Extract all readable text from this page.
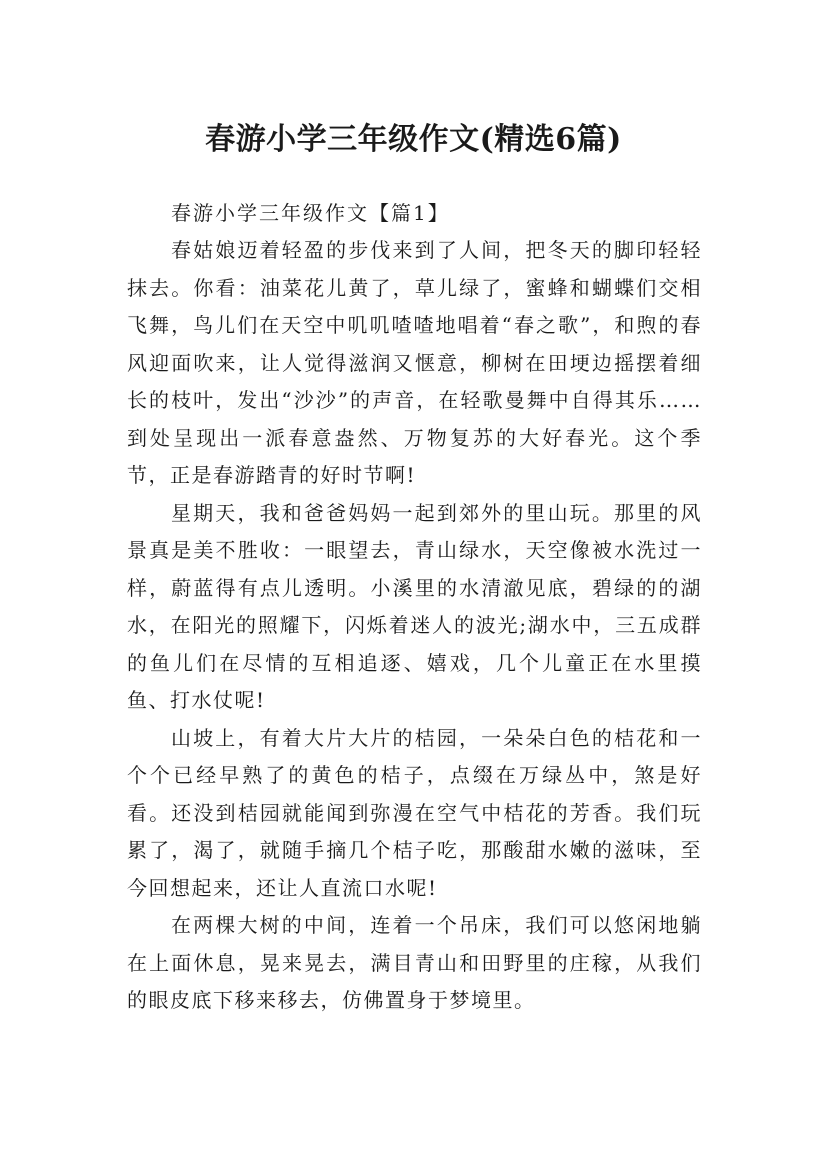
春游小学三年级作文(精选6篇)

春游小学三年级作文【篇1】

春姑娘迈着轻盈的步伐来到了人间，把冬天的脚印轻轻抹去。你看：油菜花儿黄了，草儿绿了，蜜蜂和蝴蝶们交相飞舞，鸟儿们在天空中叽叽喳喳地唱着“春之歌”，和煦的春风迎面吹来，让人觉得滋润又惬意，柳树在田埂边摇摆着细长的枝叶，发出“沙沙”的声音，在轻歌曼舞中自得其乐……到处呈现出一派春意盎然、万物复苏的大好春光。这个季节，正是春游踏青的好时节啊!

星期天，我和爸爸妈妈一起到郊外的里山玩。那里的风景真是美不胜收：一眼望去，青山绿水，天空像被水洗过一样，蔚蓝得有点儿透明。小溪里的水清澈见底，碧绿的的湖水，在阳光的照耀下，闪烁着迷人的波光;湖水中，三五成群的鱼儿们在尽情的互相追逐、嬉戏，几个儿童正在水里摸鱼、打水仗呢!

山坡上，有着大片大片的桔园，一朵朵白色的桔花和一个个已经早熟了的黄色的桔子，点缀在万绿丛中，煞是好看。还没到桔园就能闻到弥漫在空气中桔花的芳香。我们玩累了，渴了，就随手摘几个桔子吃，那酸甜水嫩的滋味，至今回想起来，还让人直流口水呢!

在两棵大树的中间，连着一个吊床，我们可以悠闲地躺在上面休息，晃来晃去，满目青山和田野里的庄稼，从我们的眼皮底下移来移去，仿佛置身于梦境里。
